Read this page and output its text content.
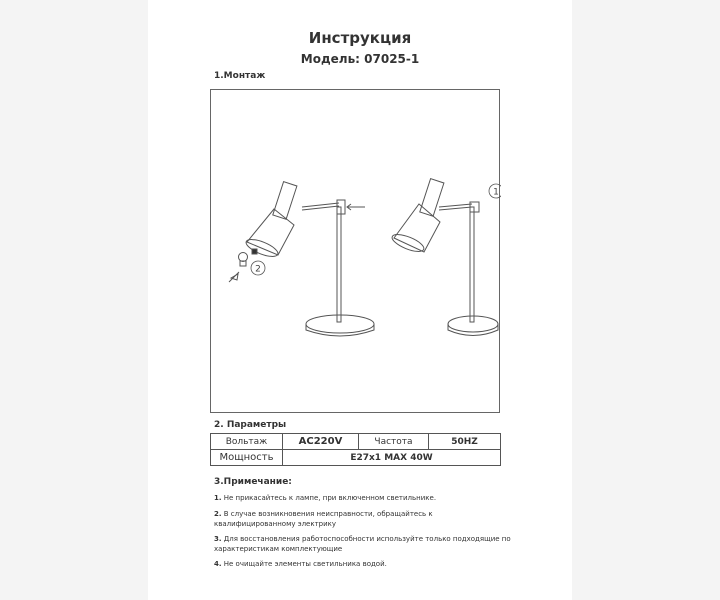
Инструкция
Модель: 07025-1
1.Монтаж
1
2
2. Параметры
Вольтаж	AC220V	Частота	50HZ
Мощность	E27x1 MAX 40W		
3.Примечание:
1. Не прикасайтесь к лампе, при включенном светильнике.
2. В случае возникновения неисправности, обращайтесь к квалифицированному электрику
3. Для восстановления работоспособности используйте только подходящие по характеристикам комплектующие
4. Не очищайте элементы светильника водой.
